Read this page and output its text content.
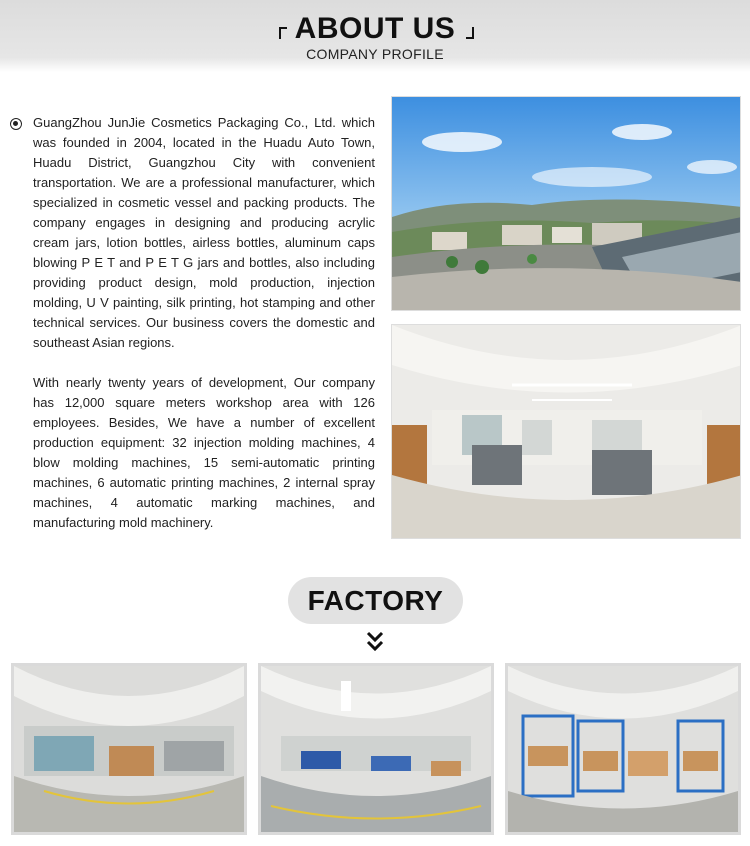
ABOUT US
COMPANY PROFILE

GuangZhou JunJie Cosmetics Packaging Co., Ltd. which was founded in 2004, located in the Huadu Auto Town, Huadu District, Guangzhou City with convenient transportation. We are a professional manufacturer, which specialized in cosmetic vessel and packing products. The company engages in designing and producing acrylic cream jars, lotion bottles, airless bottles, aluminum caps blowing P E T and P E T G jars and bottles, also including providing product design, mold production, injection molding, U V painting, silk printing, hot stamping and other technical services. Our business covers the domestic and southeast Asian regions.

With nearly twenty years of development, Our company has 12,000 square meters workshop area with 126 employees. Besides, We have a number of excellent production equipment: 32 injection molding machines, 4 blow molding machines, 15 semi-automatic printing machines, 6 automatic printing machines, 2 internal spray machines, 4 automatic marking machines, and manufacturing mold machinery.

FACTORY
